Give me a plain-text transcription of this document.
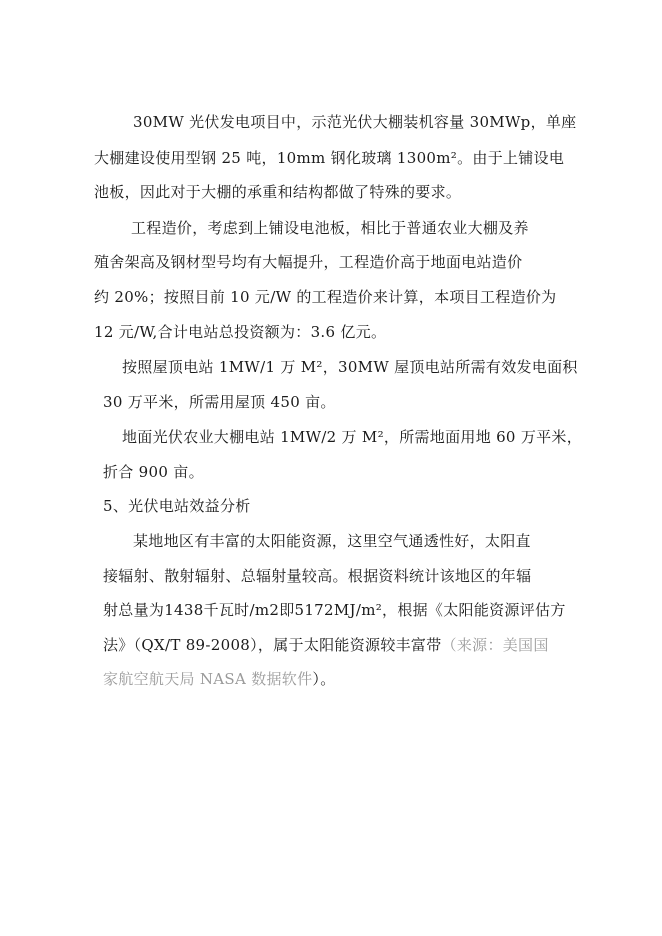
30MW 光伏发电项目中，示范光伏大棚装机容量 30MWp，单座
大棚建设使用型钢 25 吨，10mm 钢化玻璃 1300m²。由于上铺设电
池板，因此对于大棚的承重和结构都做了特殊的要求。
工程造价，考虑到上铺设电池板，相比于普通农业大棚及养
殖舍架高及钢材型号均有大幅提升，工程造价高于地面电站造价
约 20%；按照目前 10 元/W 的工程造价来计算，本项目工程造价为
12 元/W,合计电站总投资额为：3.6 亿元。
按照屋顶电站 1MW/1 万 M²，30MW 屋顶电站所需有效发电面积
30 万平米，所需用屋顶 450 亩。
地面光伏农业大棚电站 1MW/2 万 M²，所需地面用地 60 万平米，
折合 900 亩。
5、光伏电站效益分析
某地地区有丰富的太阳能资源，这里空气通透性好，太阳直
接辐射、散射辐射、总辐射量较高。根据资料统计该地区的年辐
射总量为1438千瓦时/m2即5172MJ/m²，根据《太阳能资源评估方
法》（QX/T 89-2008），属于太阳能资源较丰富带（来源：美国国
家航空航天局 NASA 数据软件）。
